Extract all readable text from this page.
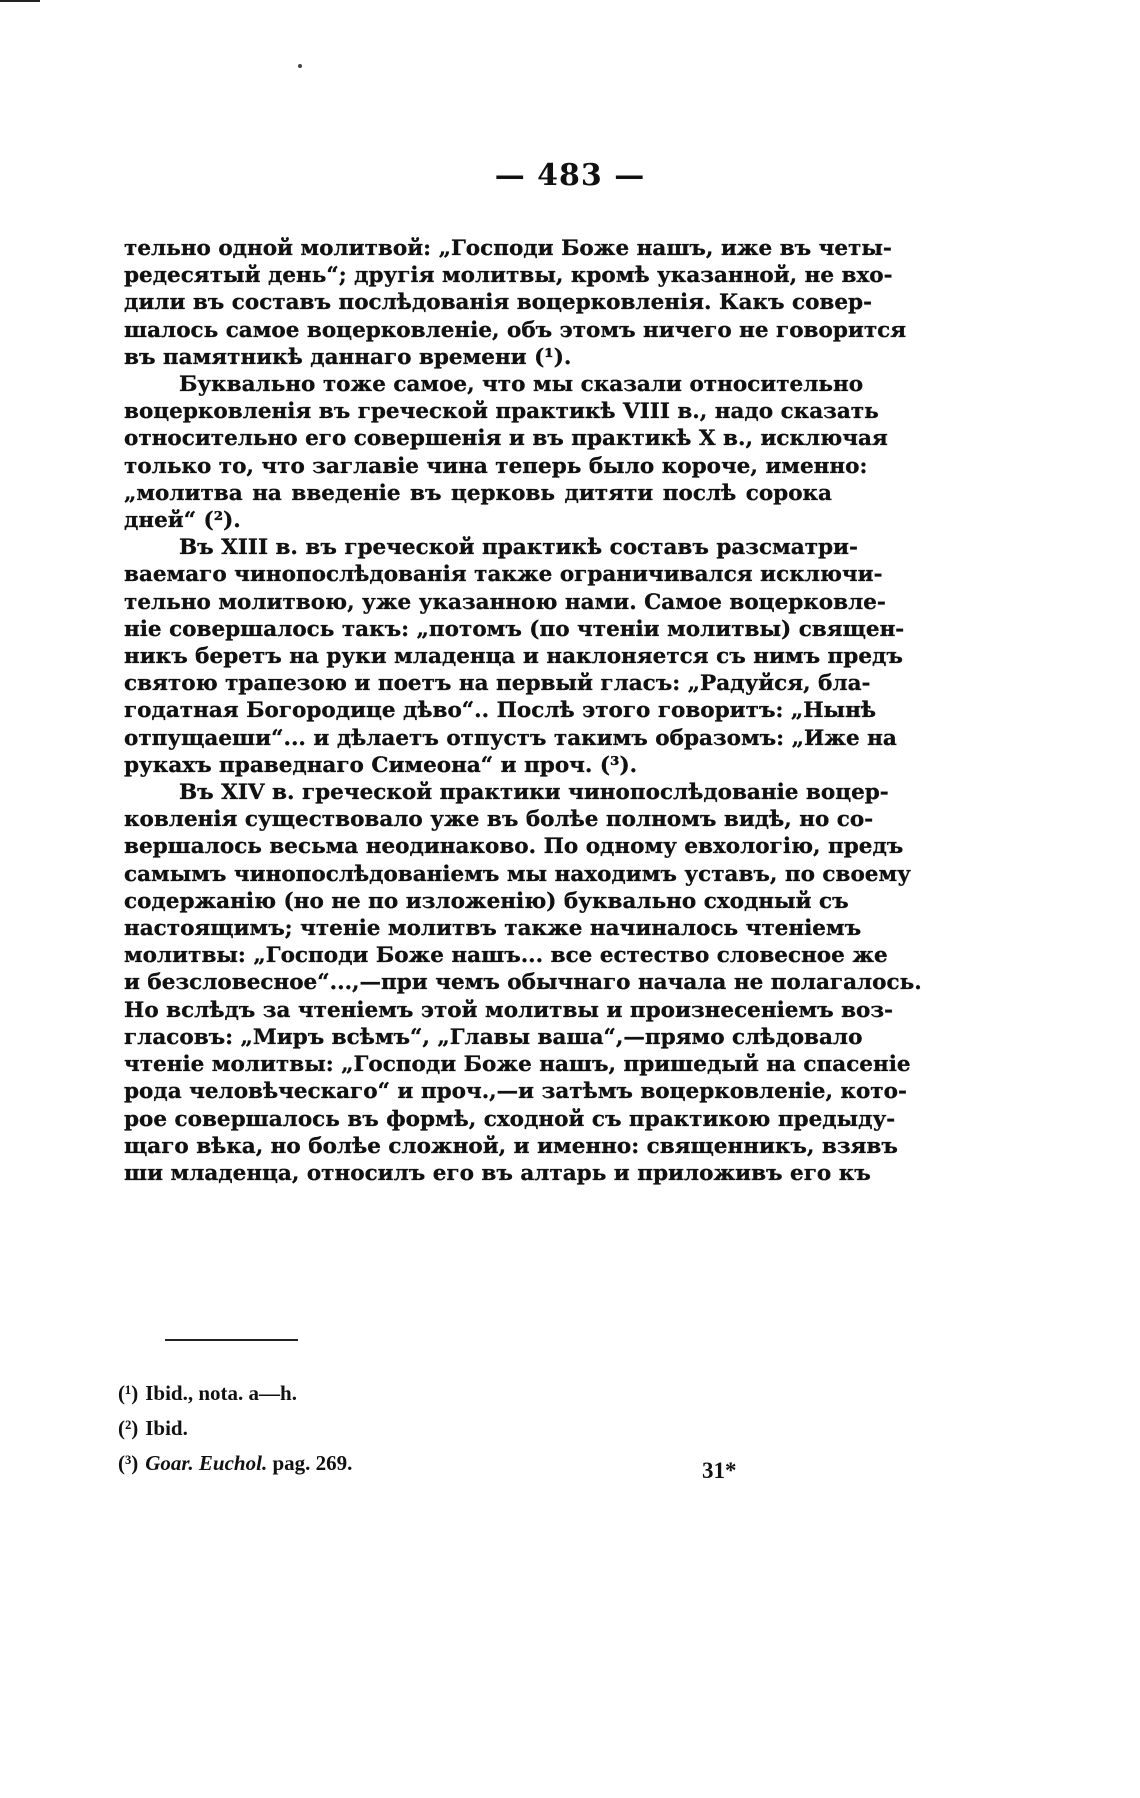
— 483 —
тельно одной молитвой: „Господи Боже нашъ, иже въ четы-
редесятый день“; другія молитвы, кромѣ указанной, не вхо-
дили въ составъ послѣдованія воцерковленія. Какъ совер-
шалось самое воцерковленіе, объ этомъ ничего не говорится
въ памятникѣ даннаго времени (¹).
Буквально тоже самое, что мы сказали относительно
воцерковленія въ греческой практикѣ VIII в., надо сказать
относительно его совершенія и въ практикѣ X в., исключая
только то, что заглавіе чина теперь было короче, именно:
„молитва на введеніе въ церковь дитяти послѣ сорока
дней“ (²).
Въ XIII в. въ греческой практикѣ составъ разсматри-
ваемаго чинопослѣдованія также ограничивался исключи-
тельно молитвою, уже указанною нами. Самое воцерковле-
ніе совершалось такъ: „потомъ (по чтеніи молитвы) священ-
никъ беретъ на руки младенца и наклоняется съ нимъ предъ
святою трапезою и поетъ на первый гласъ: „Радуйся, бла-
годатная Богородице дѣво“.. Послѣ этого говоритъ: „Нынѣ
отпущаеши“... и дѣлаетъ отпустъ такимъ образомъ: „Иже на
рукахъ праведнаго Симеона“ и проч. (³).
Въ XIV в. греческой практики чинопослѣдованіе воцер-
ковленія существовало уже въ болѣе полномъ видѣ, но со-
вершалось весьма неодинаково. По одному евхологію, предъ
самымъ чинопослѣдованіемъ мы находимъ уставъ, по своему
содержанію (но не по изложенію) буквально сходный съ
настоящимъ; чтеніе молитвъ также начиналось чтеніемъ
молитвы: „Господи Боже нашъ... все естество словесное же
и безсловесное“...,—при чемъ обычнаго начала не полагалось.
Но вслѣдъ за чтеніемъ этой молитвы и произнесеніемъ воз-
гласовъ: „Миръ всѣмъ“, „Главы ваша“,—прямо слѣдовало
чтеніе молитвы: „Господи Боже нашъ, пришедый на спасеніе
рода человѣческаго“ и проч.,—и затѣмъ воцерковленіе, кото-
рое совершалось въ формѣ, сходной съ практикою предыду-
щаго вѣка, но болѣе сложной, и именно: священникъ, взявъ
ши младенца, относилъ его въ алтарь и приложивъ его къ
(¹) Ibid., nota. a—h.
(²) Ibid.
(³) Goar. Euchol. pag. 269.	31*
